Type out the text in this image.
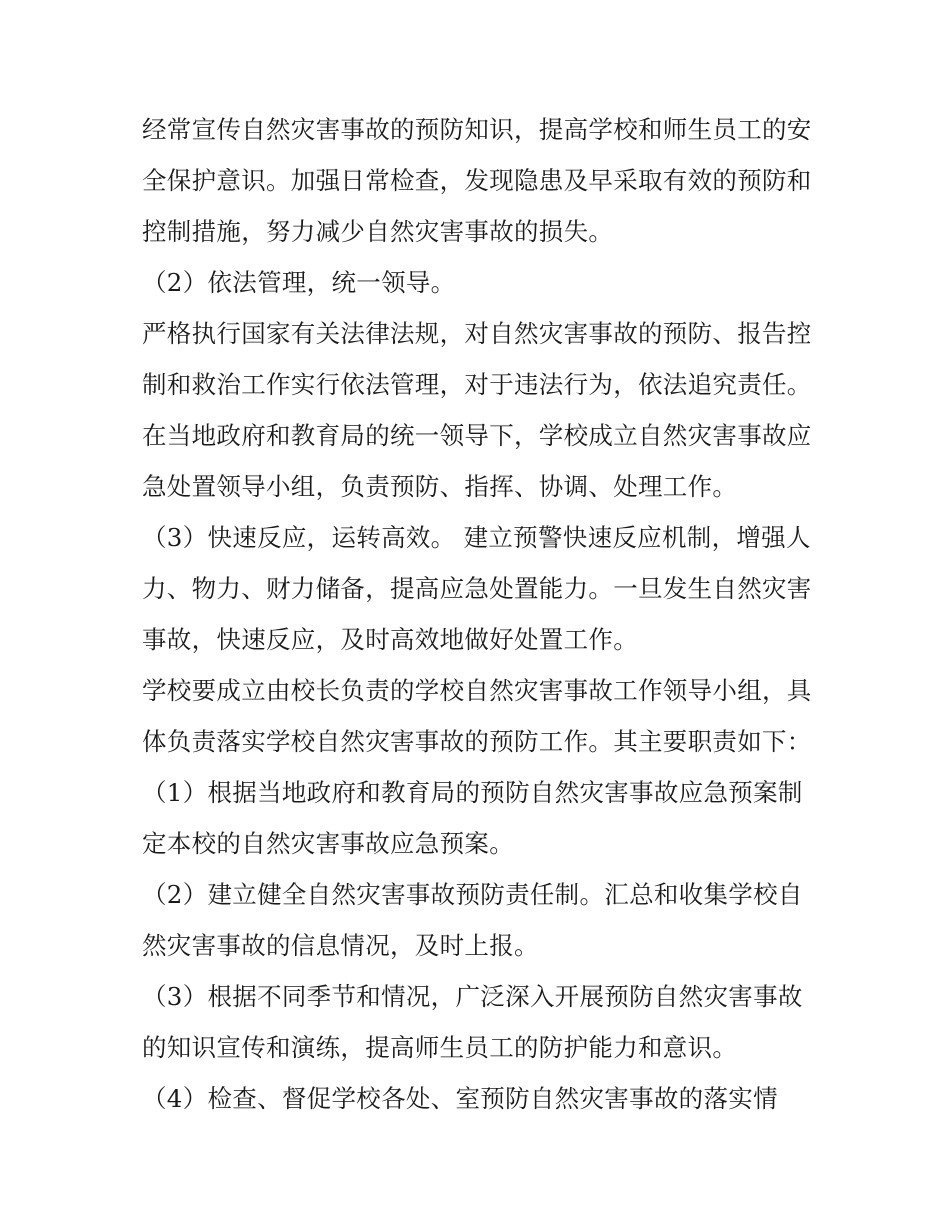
经常宣传自然灾害事故的预防知识，提高学校和师生员工的安
全保护意识。加强日常检查，发现隐患及早采取有效的预防和
控制措施，努力减少自然灾害事故的损失。
（2）依法管理，统一领导。
严格执行国家有关法律法规，对自然灾害事故的预防、报告控
制和救治工作实行依法管理，对于违法行为，依法追究责任。
在当地政府和教育局的统一领导下，学校成立自然灾害事故应
急处置领导小组，负责预防、指挥、协调、处理工作。
（3）快速反应，运转高效。 建立预警快速反应机制，增强人
力、物力、财力储备，提高应急处置能力。一旦发生自然灾害
事故，快速反应，及时高效地做好处置工作。
学校要成立由校长负责的学校自然灾害事故工作领导小组，具
体负责落实学校自然灾害事故的预防工作。其主要职责如下：
（1）根据当地政府和教育局的预防自然灾害事故应急预案制
定本校的自然灾害事故应急预案。
（2）建立健全自然灾害事故预防责任制。汇总和收集学校自
然灾害事故的信息情况，及时上报。
（3）根据不同季节和情况，广泛深入开展预防自然灾害事故
的知识宣传和演练，提高师生员工的防护能力和意识。
（4）检查、督促学校各处、室预防自然灾害事故的落实情
